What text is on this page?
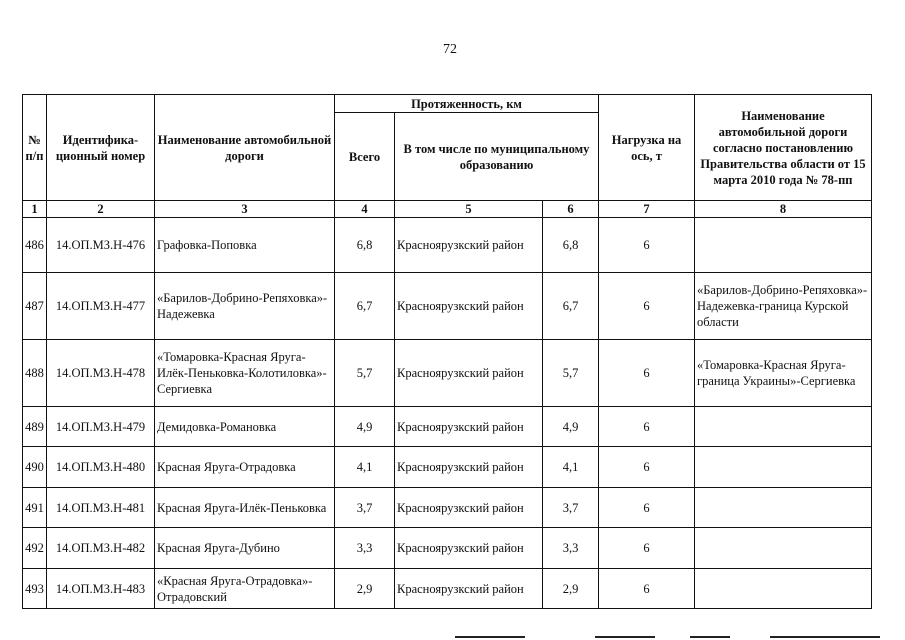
72
№ п/п	Идентифика-ционный номер	Наименование автомобильной дороги	Протяженность, км			Нагрузка на ось, т	Наименование автомобильной дороги согласно постановлению Правительства области от 15 марта 2010 года № 78-пп
			Всего	В том числе по муниципальному образованию			
1	2	3	4	5	6	7	8
486	14.ОП.МЗ.Н-476	Графовка-Поповка	6,8	Красноярузкский район	6,8	6	
487	14.ОП.МЗ.Н-477	«Барилов-Добрино-Репяховка»-Надежевка	6,7	Красноярузкский район	6,7	6	«Барилов-Добрино-Репяховка»-Надежевка-граница Курской области
488	14.ОП.МЗ.Н-478	«Томаровка-Красная Яруга-Илёк-Пеньковка-Колотиловка»-Сергиевка	5,7	Красноярузкский район	5,7	6	«Томаровка-Красная Яруга-граница Украины»-Сергиевка
489	14.ОП.МЗ.Н-479	Демидовка-Романовка	4,9	Красноярузкский район	4,9	6	
490	14.ОП.МЗ.Н-480	Красная Яруга-Отрадовка	4,1	Красноярузкский район	4,1	6	
491	14.ОП.МЗ.Н-481	Красная Яруга-Илёк-Пеньковка	3,7	Красноярузкский район	3,7	6	
492	14.ОП.МЗ.Н-482	Красная Яруга-Дубино	3,3	Красноярузкский район	3,3	6	
493	14.ОП.МЗ.Н-483	«Красная Яруга-Отрадовка»-Отрадовский	2,9	Красноярузкский район	2,9	6	
